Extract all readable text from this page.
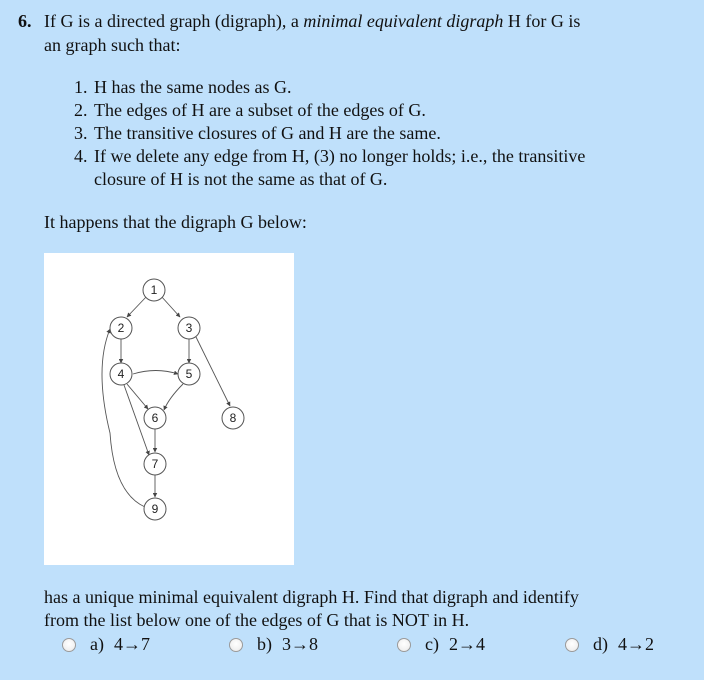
6. If G is a directed graph (digraph), a minimal equivalent digraph H for G is
an graph such that:
1. H has the same nodes as G.
2. The edges of H are a subset of the edges of G.
3. The transitive closures of G and H are the same.
4. If we delete any edge from H, (3) no longer holds; i.e., the transitive
closure of H is not the same as that of G.
It happens that the digraph G below:
1
2	3
4	5
6
7
8
9
has a unique minimal equivalent digraph H. Find that digraph and identify
from the list below one of the edges of G that is NOT in H.
a) 4→7	b) 3→8	c) 2→4	d) 4→2
